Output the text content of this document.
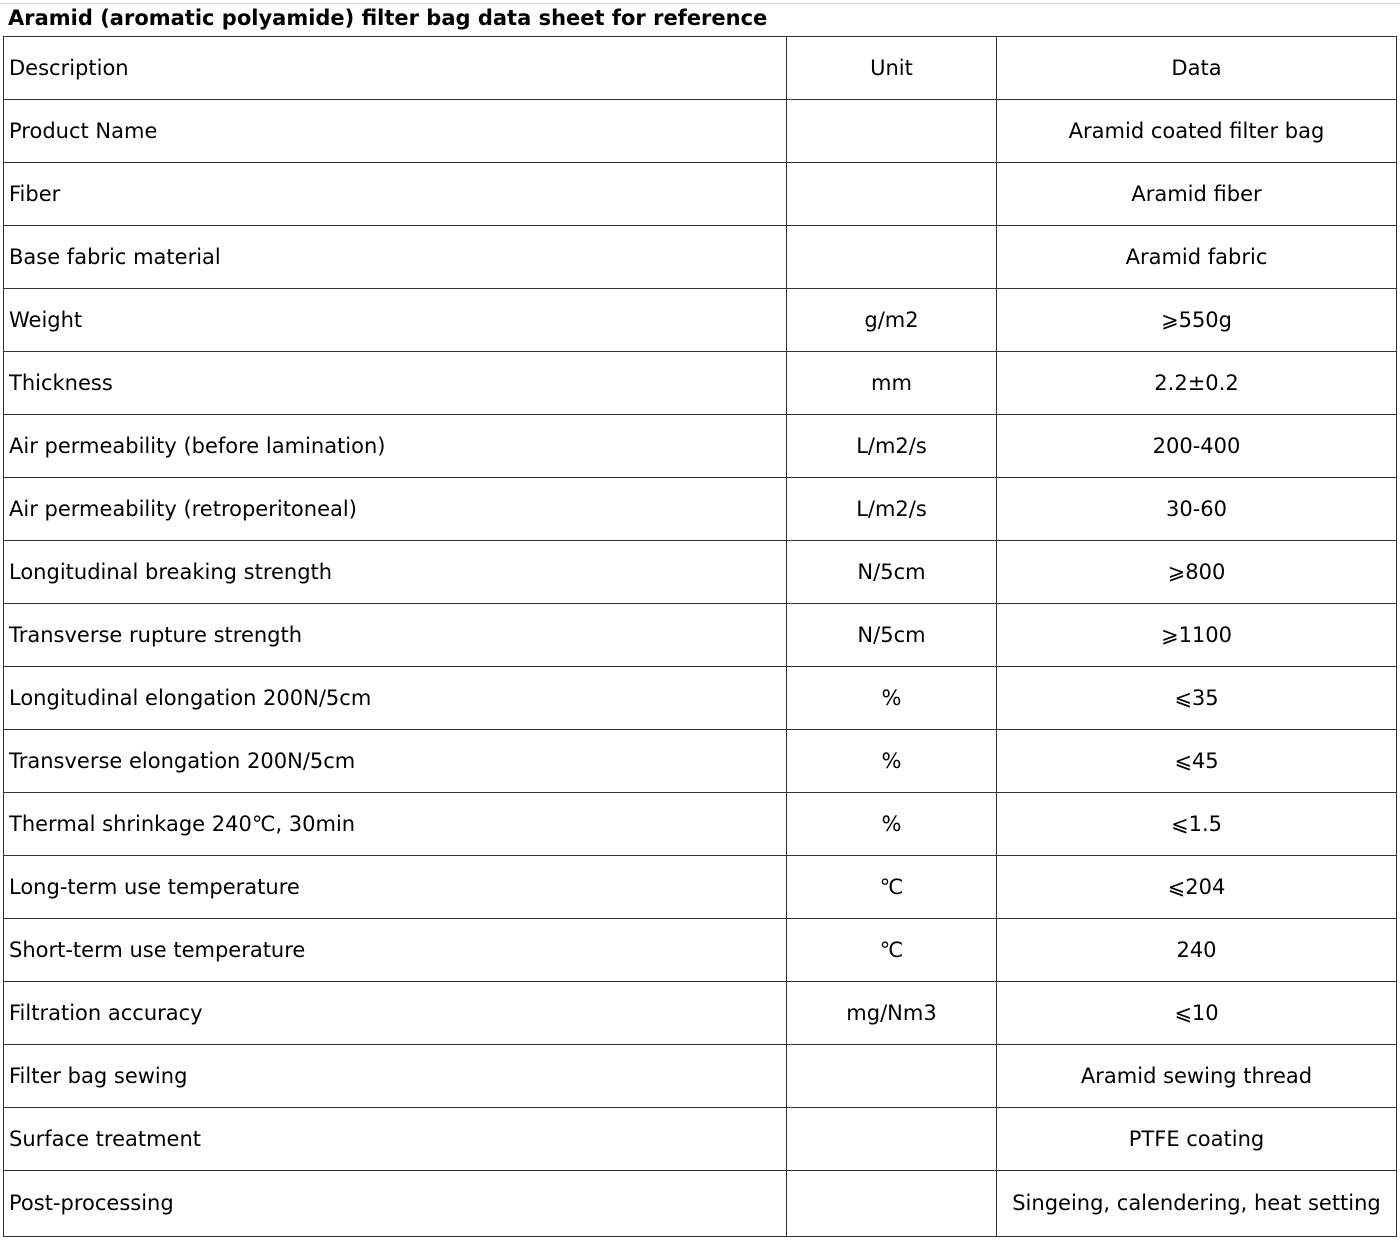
Aramid (aromatic polyamide) filter bag data sheet for reference
Description	Unit	Data
Product Name		Aramid coated filter bag
Fiber		Aramid fiber
Base fabric material		Aramid fabric
Weight	g/m2	⩾550g
Thickness	mm	2.2±0.2
Air permeability (before lamination)	L/m2/s	200-400
Air permeability (retroperitoneal)	L/m2/s	30-60
Longitudinal breaking strength	N/5cm	⩾800
Transverse rupture strength	N/5cm	⩾1100
Longitudinal elongation 200N/5cm	%	⩽35
Transverse elongation 200N/5cm	%	⩽45
Thermal shrinkage 240℃, 30min	%	⩽1.5
Long-term use temperature	℃	⩽204
Short-term use temperature	℃	240
Filtration accuracy	mg/Nm3	⩽10
Filter bag sewing		Aramid sewing thread
Surface treatment		PTFE coating
Post-processing		Singeing, calendering, heat setting
